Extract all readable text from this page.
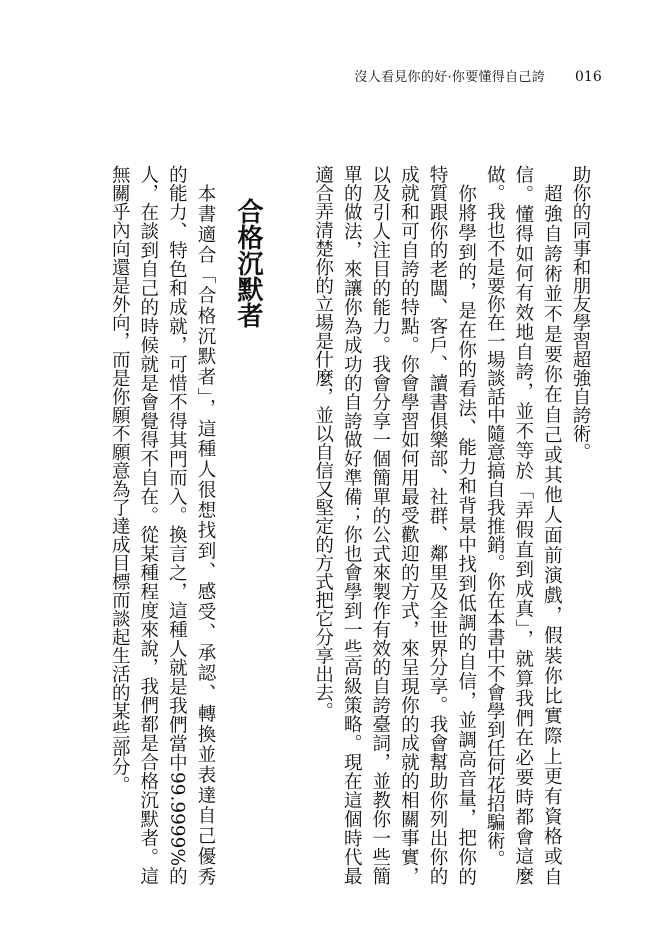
沒人看見你的好·你要懂得自己誇 016
助你的同事和朋友學習超強自誇術。
超強自誇術並不是要你在自己或其他人面前演戲，假裝你比實際上更有資格或自
信。懂得如何有效地自誇，並不等於「弄假直到成真」，就算我們在必要時都會這麼
做。我也不是要你在一場談話中隨意搞自我推銷。你在本書中不會學到任何花招騙術。
你將學到的，是在你的看法、能力和背景中找到低調的自信，並調高音量，把你的
特質跟你的老闆、客戶、讀書俱樂部、社群、鄰里及全世界分享。我會幫助你列出你的
成就和可自誇的特點。你會學習如何用最受歡迎的方式，來呈現你的成就的相關事實，
以及引人注目的能力。我會分享一個簡單的公式來製作有效的自誇臺詞，並教你一些簡
單的做法，來讓你為成功的自誇做好準備；你也會學到一些高級策略。現在這個時代最
適合弄清楚你的立場是什麼，並以自信又堅定的方式把它分享出去。
合格沉默者
本書適合「合格沉默者」，這種人很想找到、感受、承認、轉換並表達自己優秀
的能力、特色和成就，可惜不得其門而入。換言之，這種人就是我們當中99.9999%的
人，在談到自己的時候就是會覺得不自在。從某種程度來說，我們都是合格沉默者。這
無關乎內向還是外向，而是你願不願意為了達成目標而談起生活的某些部分。
